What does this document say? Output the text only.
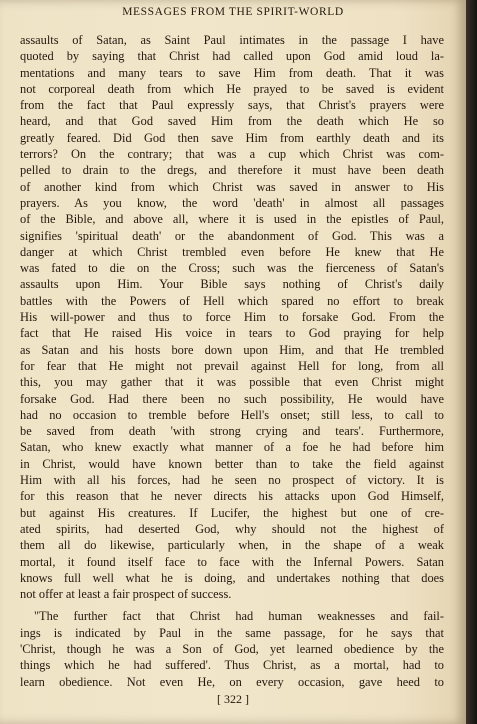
MESSAGES FROM THE SPIRIT-WORLD
assaults of Satan, as Saint Paul intimates in the passage I have
quoted by saying that Christ had called upon God amid loud la-
mentations and many tears to save Him from death. That it was
not corporeal death from which He prayed to be saved is evident
from the fact that Paul expressly says, that Christ's prayers were
heard, and that God saved Him from the death which He so
greatly feared. Did God then save Him from earthly death and its
terrors? On the contrary; that was a cup which Christ was com-
pelled to drain to the dregs, and therefore it must have been death
of another kind from which Christ was saved in answer to His
prayers. As you know, the word 'death' in almost all passages
of the Bible, and above all, where it is used in the epistles of Paul,
signifies 'spiritual death' or the abandonment of God. This was a
danger at which Christ trembled even before He knew that He
was fated to die on the Cross; such was the fierceness of Satan's
assaults upon Him. Your Bible says nothing of Christ's daily
battles with the Powers of Hell which spared no effort to break
His will-power and thus to force Him to forsake God. From the
fact that He raised His voice in tears to God praying for help
as Satan and his hosts bore down upon Him, and that He trembled
for fear that He might not prevail against Hell for long, from all
this, you may gather that it was possible that even Christ might
forsake God. Had there been no such possibility, He would have
had no occasion to tremble before Hell's onset; still less, to call to
be saved from death 'with strong crying and tears'. Furthermore,
Satan, who knew exactly what manner of a foe he had before him
in Christ, would have known better than to take the field against
Him with all his forces, had he seen no prospect of victory. It is
for this reason that he never directs his attacks upon God Himself,
but against His creatures. If Lucifer, the highest but one of cre-
ated spirits, had deserted God, why should not the highest of
them all do likewise, particularly when, in the shape of a weak
mortal, it found itself face to face with the Infernal Powers. Satan
knows full well what he is doing, and undertakes nothing that does
not offer at least a fair prospect of success.
"The further fact that Christ had human weaknesses and fail-
ings is indicated by Paul in the same passage, for he says that
'Christ, though he was a Son of God, yet learned obedience by the
things which he had suffered'. Thus Christ, as a mortal, had to
learn obedience. Not even He, on every occasion, gave heed to
[ 322 ]
